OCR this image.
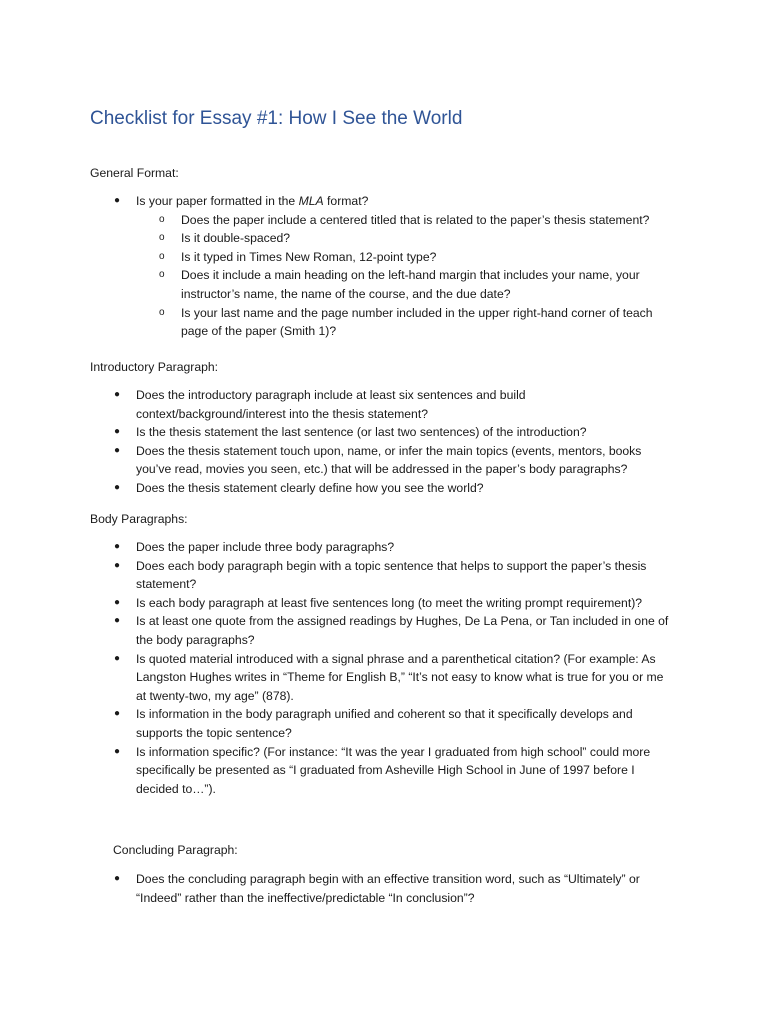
Checklist for Essay #1: How I See the World

General Format:

● Is your paper formatted in the MLA format?
o Does the paper include a centered titled that is related to the paper’s thesis statement?
o Is it double-spaced?
o Is it typed in Times New Roman, 12-point type?
o Does it include a main heading on the left-hand margin that includes your name, your instructor’s name, the name of the course, and the due date?
o Is your last name and the page number included in the upper right-hand corner of teach page of the paper (Smith 1)?

Introductory Paragraph:

● Does the introductory paragraph include at least six sentences and build context/background/interest into the thesis statement?
● Is the thesis statement the last sentence (or last two sentences) of the introduction?
● Does the thesis statement touch upon, name, or infer the main topics (events, mentors, books you’ve read, movies you seen, etc.) that will be addressed in the paper’s body paragraphs?
● Does the thesis statement clearly define how you see the world?

Body Paragraphs:

● Does the paper include three body paragraphs?
● Does each body paragraph begin with a topic sentence that helps to support the paper’s thesis statement?
● Is each body paragraph at least five sentences long (to meet the writing prompt requirement)?
● Is at least one quote from the assigned readings by Hughes, De La Pena, or Tan included in one of the body paragraphs?
● Is quoted material introduced with a signal phrase and a parenthetical citation? (For example: As Langston Hughes writes in “Theme for English B,” “It’s not easy to know what is true for you or me at twenty-two, my age” (878).
● Is information in the body paragraph unified and coherent so that it specifically develops and supports the topic sentence?
● Is information specific? (For instance: “It was the year I graduated from high school” could more specifically be presented as “I graduated from Asheville High School in June of 1997 before I decided to…”).

Concluding Paragraph:

● Does the concluding paragraph begin with an effective transition word, such as “Ultimately” or “Indeed” rather than the ineffective/predictable “In conclusion”?
